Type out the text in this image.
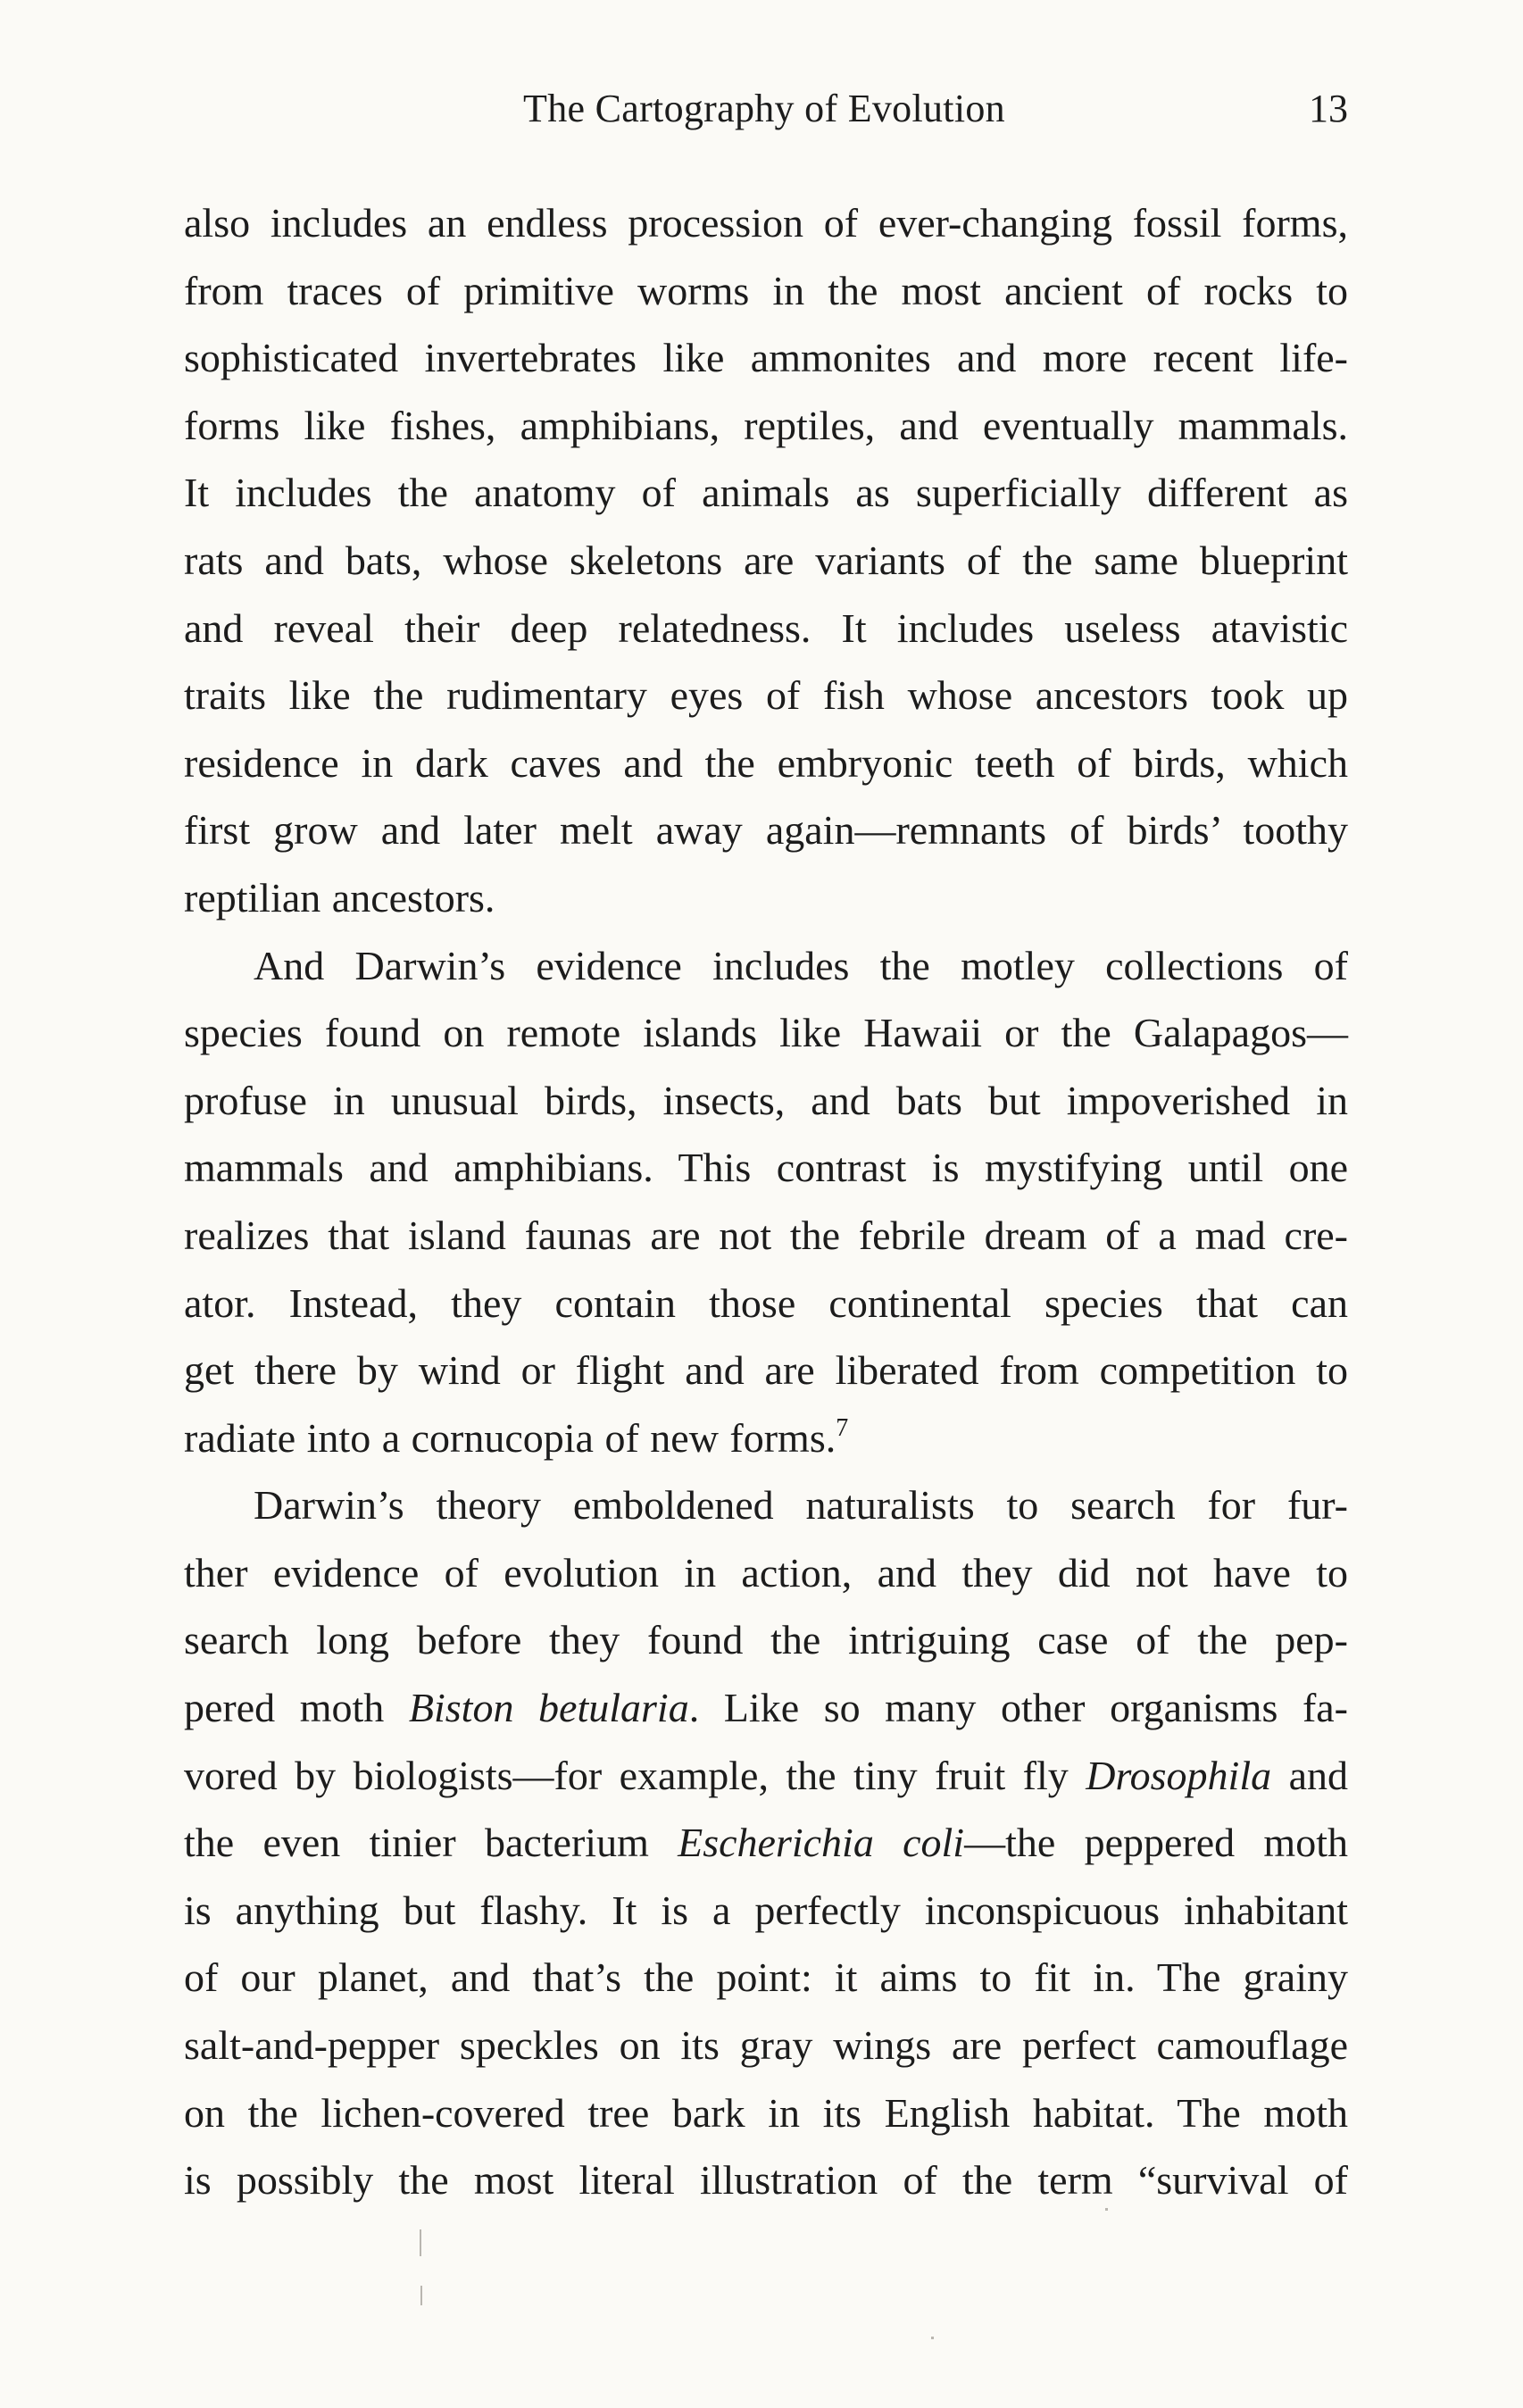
The Cartography of Evolution	13
also includes an endless procession of ever-changing fossil forms,
from traces of primitive worms in the most ancient of rocks to
sophisticated invertebrates like ammonites and more recent life-
forms like fishes, amphibians, reptiles, and eventually mammals.
It includes the anatomy of animals as superficially different as
rats and bats, whose skeletons are variants of the same blueprint
and reveal their deep relatedness. It includes useless atavistic
traits like the rudimentary eyes of fish whose ancestors took up
residence in dark caves and the embryonic teeth of birds, which
first grow and later melt away again—remnants of birds’ toothy
reptilian ancestors.
And Darwin’s evidence includes the motley collections of
species found on remote islands like Hawaii or the Galapagos—
profuse in unusual birds, insects, and bats but impoverished in
mammals and amphibians. This contrast is mystifying until one
realizes that island faunas are not the febrile dream of a mad cre-
ator. Instead, they contain those continental species that can
get there by wind or flight and are liberated from competition to
radiate into a cornucopia of new forms.$^7$
Darwin’s theory emboldened naturalists to search for fur-
ther evidence of evolution in action, and they did not have to
search long before they found the intriguing case of the pep-
pered moth Biston betularia. Like so many other organisms fa-
vored by biologists—for example, the tiny fruit fly Drosophila and
the even tinier bacterium Escherichia coli—the peppered moth
is anything but flashy. It is a perfectly inconspicuous inhabitant
of our planet, and that’s the point: it aims to fit in. The grainy
salt-and-pepper speckles on its gray wings are perfect camouflage
on the lichen-covered tree bark in its English habitat. The moth
is possibly the most literal illustration of the term “survival of
